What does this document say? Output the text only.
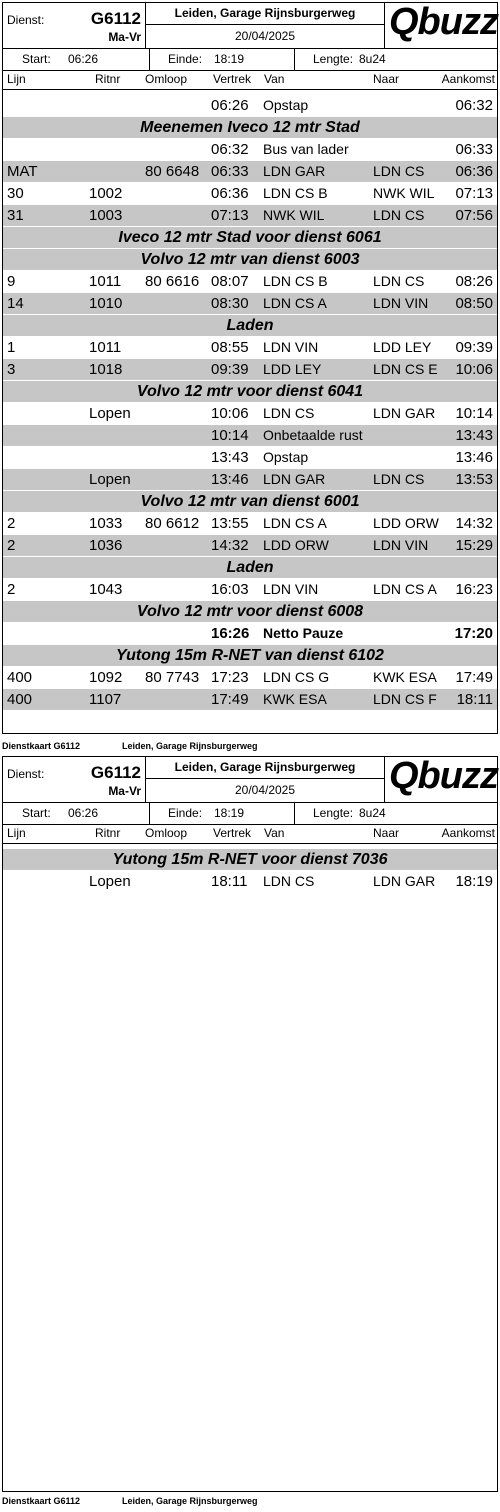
Dienst:	G6112
Ma-Vr
Leiden, Garage Rijnsburgerweg
20/04/2025	Qbuzz
Start: 06:26	Einde: 18:19	Lengte: 8u24
Lijn	Ritnr Omloop Vertrek Van	Naar	Aankomst
06:26 Opstap	06:32
Meenemen Iveco 12 mtr Stad
06:32 Bus van lader	06:33
MAT	80 6648 06:33 LDN GAR	LDN CS 06:36
30	1002	06:36 LDN CS B	NWK WIL 07:13
31	1003	07:13 NWK WIL	LDN CS 07:56
Iveco 12 mtr Stad voor dienst 6061
Volvo 12 mtr van dienst 6003
9	1011 80 6616 08:07 LDN CS B	LDN CS 08:26
14	1010	08:30 LDN CS A	LDN VIN 08:50
Laden
1	1011	08:55 LDN VIN	LDD LEY 09:39
3	1018	09:39 LDD LEY	LDN CS E 10:06
Volvo 12 mtr voor dienst 6041
Lopen	10:06 LDN CS	LDN GAR 10:14
10:14 Onbetaalde rust	13:43
13:43 Opstap	13:46
Lopen	13:46 LDN GAR	LDN CS 13:53
Volvo 12 mtr van dienst 6001
2	1033 80 6612 13:55 LDN CS A	LDD ORW 14:32
2	1036	14:32 LDD ORW	LDN VIN 15:29
Laden
2	1043	16:03 LDN VIN	LDN CS A 16:23
Volvo 12 mtr voor dienst 6008
16:26 Netto Pauze	17:20
Yutong 15m R-NET van dienst 6102
400	1092 80 7743 17:23 LDN CS G	KWK ESA 17:49
400	1107	17:49 KWK ESA	LDN CS F 18:11
Dienstkaart G6112	Leiden, Garage Rijnsburgerweg
Dienst:	G6112
Ma-Vr
Leiden, Garage Rijnsburgerweg
20/04/2025	Qbuzz
Start: 06:26	Einde: 18:19	Lengte: 8u24
Lijn	Ritnr Omloop Vertrek Van	Naar	Aankomst
Yutong 15m R-NET voor dienst 7036
Lopen	18:11 LDN CS	LDN GAR 18:19
Dienstkaart G6112	Leiden, Garage Rijnsburgerweg
